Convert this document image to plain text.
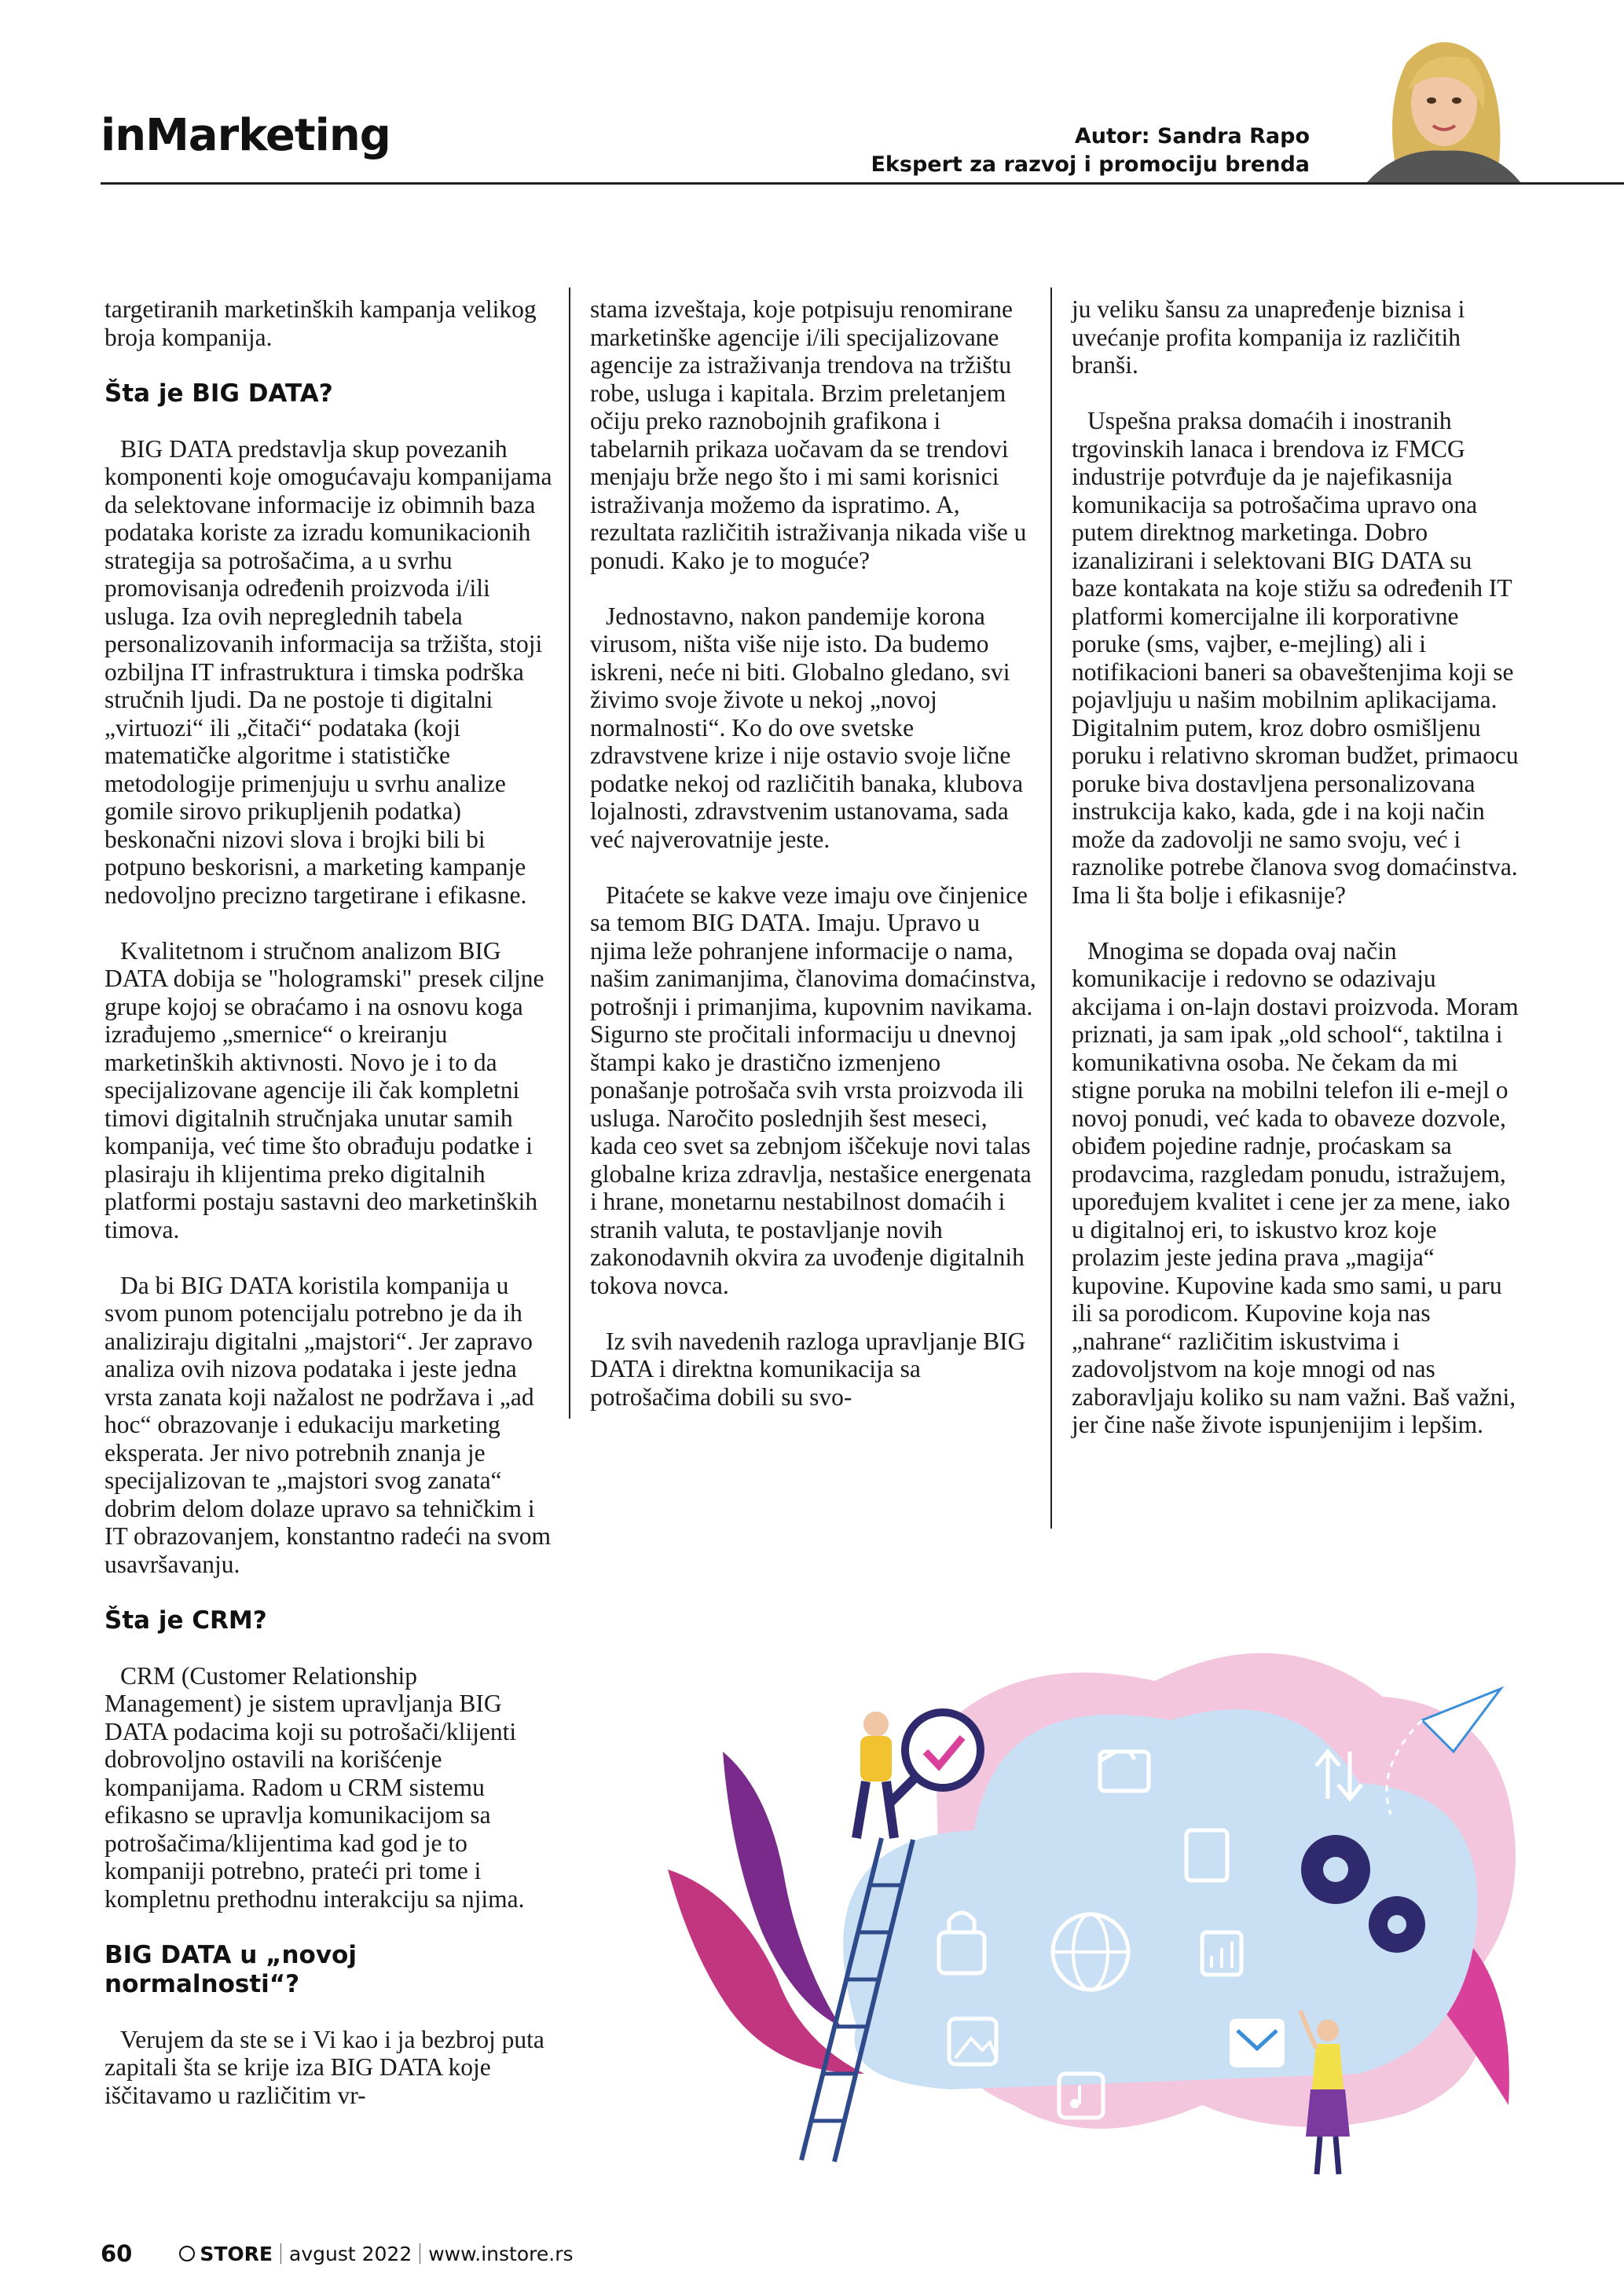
inMarketing	Autor: Sandra Rapo
Ekspert za razvoj i promociju brenda

targetiranih marketinških kampanja velikog broja kompanija.

Šta je BIG DATA?

BIG DATA predstavlja skup povezanih komponenti koje omogućavaju kompanijama da selektovane informacije iz obimnih baza podataka koriste za izradu komunikacionih strategija sa potrošačima, a u svrhu promovisanja određenih proizvoda i/ili usluga. Iza ovih nepreglednih tabela personalizovanih informacija sa tržišta, stoji ozbiljna IT infrastruktura i timska podrška stručnih ljudi. Da ne postoje ti digitalni „virtuozi“ ili „čitači“ podataka (koji matematičke algoritme i statističke metodologije primenjuju u svrhu analize gomile sirovo prikupljenih podatka) beskonačni nizovi slova i brojki bili bi potpuno beskorisni, a marketing kampanje nedovoljno precizno targetirane i efikasne.

Kvalitetnom i stručnom analizom BIG DATA dobija se "hologramski" presek ciljne grupe kojoj se obraćamo i na osnovu koga izrađujemo „smernice“ o kreiranju marketinških aktivnosti. Novo je i to da specijalizovane agencije ili čak kompletni timovi digitalnih stručnjaka unutar samih kompanija, već time što obrađuju podatke i plasiraju ih klijentima preko digitalnih platformi postaju sastavni deo marketinških timova.

Da bi BIG DATA koristila kompanija u svom punom potencijalu potrebno je da ih analiziraju digitalni „majstori“. Jer zapravo analiza ovih nizova podataka i jeste jedna vrsta zanata koji nažalost ne podržava i „ad hoc“ obrazovanje i edukaciju marketing eksperata. Jer nivo potrebnih znanja je specijalizovan te „majstori svog zanata“ dobrim delom dolaze upravo sa tehničkim i IT obrazovanjem, konstantno radeći na svom usavršavanju.

Šta je CRM?

CRM (Customer Relationship Management) je sistem upravljanja BIG DATA podacima koji su potrošači/klijenti dobrovoljno ostavili na korišćenje kompanijama. Radom u CRM sistemu efikasno se upravlja komunikacijom sa potrošačima/klijentima kad god je to kompaniji potrebno, prateći pri tome i kompletnu prethodnu interakciju sa njima.

BIG DATA u „novoj normalnosti“?

Verujem da ste se i Vi kao i ja bezbroj puta zapitali šta se krije iza BIG DATA koje iščitavamo u različitim vr-

stama izveštaja, koje potpisuju renomirane marketinške agencije i/ili specijalizovane agencije za istraživanja trendova na tržištu robe, usluga i kapitala. Brzim preletanjem očiju preko raznobojnih grafikona i tabelarnih prikaza uočavam da se trendovi menjaju brže nego što i mi sami korisnici istraživanja možemo da ispratimo. A, rezultata različitih istraživanja nikada više u ponudi. Kako je to moguće?

Jednostavno, nakon pandemije korona virusom, ništa više nije isto. Da budemo iskreni, neće ni biti. Globalno gledano, svi živimo svoje živote u nekoj „novoj normalnosti“. Ko do ove svetske zdravstvene krize i nije ostavio svoje lične podatke nekoj od različitih banaka, klubova lojalnosti, zdravstvenim ustanovama, sada već najverovatnije jeste.

Pitaćete se kakve veze imaju ove činjenice sa temom BIG DATA. Imaju. Upravo u njima leže pohranjene informacije o nama, našim zanimanjima, članovima domaćinstva, potrošnji i primanjima, kupovnim navikama. Sigurno ste pročitali informaciju u dnevnoj štampi kako je drastično izmenjeno ponašanje potrošača svih vrsta proizvoda ili usluga. Naročito poslednjih šest meseci, kada ceo svet sa zebnjom iščekuje novi talas globalne kriza zdravlja, nestašice energenata i hrane, monetarnu nestabilnost domaćih i stranih valuta, te postavljanje novih zakonodavnih okvira za uvođenje digitalnih tokova novca.

Iz svih navedenih razloga upravljanje BIG DATA i direktna komunikacija sa potrošačima dobili su svo-

ju veliku šansu za unapređenje biznisa i uvećanje profita kompanija iz različitih branši.

Uspešna praksa domaćih i inostranih trgovinskih lanaca i brendova iz FMCG industrije potvrđuje da je najefikasnija komunikacija sa potrošačima upravo ona putem direktnog marketinga. Dobro izanalizirani i selektovani BIG DATA su baze kontakata na koje stižu sa određenih IT platformi komercijalne ili korporativne poruke (sms, vajber, e-mejling) ali i notifikacioni baneri sa obaveštenjima koji se pojavljuju u našim mobilnim aplikacijama. Digitalnim putem, kroz dobro osmišljenu poruku i relativno skroman budžet, primaocu poruke biva dostavljena personalizovana instrukcija kako, kada, gde i na koji način može da zadovolji ne samo svoju, već i raznolike potrebe članova svog domaćinstva. Ima li šta bolje i efikasnije?

Mnogima se dopada ovaj način komunikacije i redovno se odazivaju akcijama i on-lajn dostavi proizvoda. Moram priznati, ja sam ipak „old school“, taktilna i komunikativna osoba. Ne čekam da mi stigne poruka na mobilni telefon ili e-mejl o novoj ponudi, već kada to obaveze dozvole, obiđem pojedine radnje, proćaskam sa prodavcima, razgledam ponudu, istražujem, upoređujem kvalitet i cene jer za mene, iako u digitalnoj eri, to iskustvo kroz koje prolazim jeste jedina prava „magija“ kupovine. Kupovine kada smo sami, u paru ili sa porodicom. Kupovine koja nas „nahrane“ različitim iskustvima i zadovoljstvom na koje mnogi od nas zaboravljaju koliko su nam važni. Baš važni, jer čine naše živote ispunjenijim i lepšim.

60	STORE avgust 2022 www.instore.rs
